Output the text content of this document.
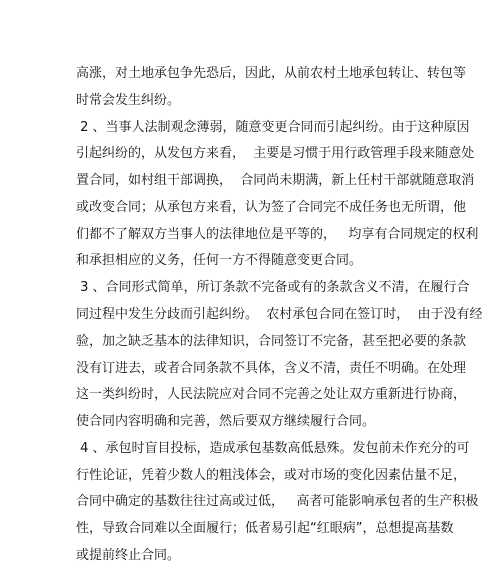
高涨，对土地承包争先恐后，因此，从前农村土地承包转让、转包等
时常会发生纠纷。
2 、当事人法制观念薄弱，随意变更合同而引起纠纷。由于这种原因
引起纠纷的，从发包方来看，  主要是习惯于用行政管理手段来随意处
置合同，如村组干部调换，  合同尚未期满，新上任村干部就随意取消
或改变合同；从承包方来看，认为签了合同完不成任务也无所谓，他
们都不了解双方当事人的法律地位是平等的，   均享有合同规定的权利
和承担相应的义务，任何一方不得随意变更合同。
3 、合同形式简单，所订条款不完备或有的条款含义不清，在履行合
同过程中发生分歧而引起纠纷。  农村承包合同在签订时，  由于没有经
验，加之缺乏基本的法律知识，合同签订不完备，甚至把必要的条款
没有订进去，或者合同条款不具体，含义不清，责任不明确。在处理
这一类纠纷时，人民法院应对合同不完善之处让双方重新进行协商，
使合同内容明确和完善，然后要双方继续履行合同。
4 、承包时盲目投标，造成承包基数高低悬殊。发包前未作充分的可
行性论证，凭着少数人的粗浅体会，或对市场的变化因素估量不足，
合同中确定的基数往往过高或过低，   高者可能影响承包者的生产积极
性，导致合同难以全面履行；低者易引起“红眼病”，总想提高基数
或提前终止合同。
